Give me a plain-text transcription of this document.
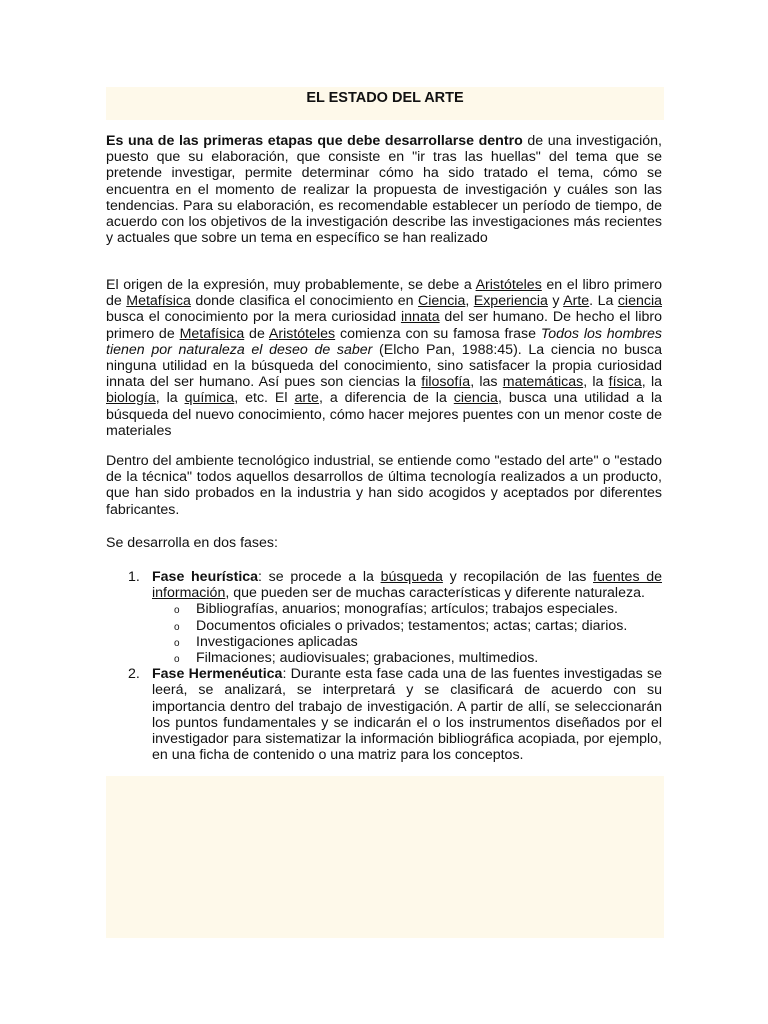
EL ESTADO DEL ARTE

Es una de las primeras etapas que debe desarrollarse dentro de una investigación, puesto que su elaboración, que consiste en "ir tras las huellas" del tema que se pretende investigar, permite determinar cómo ha sido tratado el tema, cómo se encuentra en el momento de realizar la propuesta de investigación y cuáles son las tendencias. Para su elaboración, es recomendable establecer un período de tiempo, de acuerdo con los objetivos de la investigación describe las investigaciones más recientes y actuales que sobre un tema en específico se han realizado

El origen de la expresión, muy probablemente, se debe a Aristóteles en el libro primero de Metafísica donde clasifica el conocimiento en Ciencia, Experiencia y Arte. La ciencia busca el conocimiento por la mera curiosidad innata del ser humano. De hecho el libro primero de Metafísica de Aristóteles comienza con su famosa frase Todos los hombres tienen por naturaleza el deseo de saber (Elcho Pan, 1988:45). La ciencia no busca ninguna utilidad en la búsqueda del conocimiento, sino satisfacer la propia curiosidad innata del ser humano. Así pues son ciencias la filosofía, las matemáticas, la física, la biología, la química, etc. El arte, a diferencia de la ciencia, busca una utilidad a la búsqueda del nuevo conocimiento, cómo hacer mejores puentes con un menor coste de materiales

Dentro del ambiente tecnológico industrial, se entiende como "estado del arte" o "estado de la técnica" todos aquellos desarrollos de última tecnología realizados a un producto, que han sido probados en la industria y han sido acogidos y aceptados por diferentes fabricantes.

Se desarrolla en dos fases:

1. Fase heurística: se procede a la búsqueda y recopilación de las fuentes de información, que pueden ser de muchas características y diferente naturaleza.
o Bibliografías, anuarios; monografías; artículos; trabajos especiales.
o Documentos oficiales o privados; testamentos; actas; cartas; diarios.
o Investigaciones aplicadas
o Filmaciones; audiovisuales; grabaciones, multimedios.
2. Fase Hermenéutica: Durante esta fase cada una de las fuentes investigadas se leerá, se analizará, se interpretará y se clasificará de acuerdo con su importancia dentro del trabajo de investigación. A partir de allí, se seleccionarán los puntos fundamentales y se indicarán el o los instrumentos diseñados por el investigador para sistematizar la información bibliográfica acopiada, por ejemplo, en una ficha de contenido o una matriz para los conceptos.
